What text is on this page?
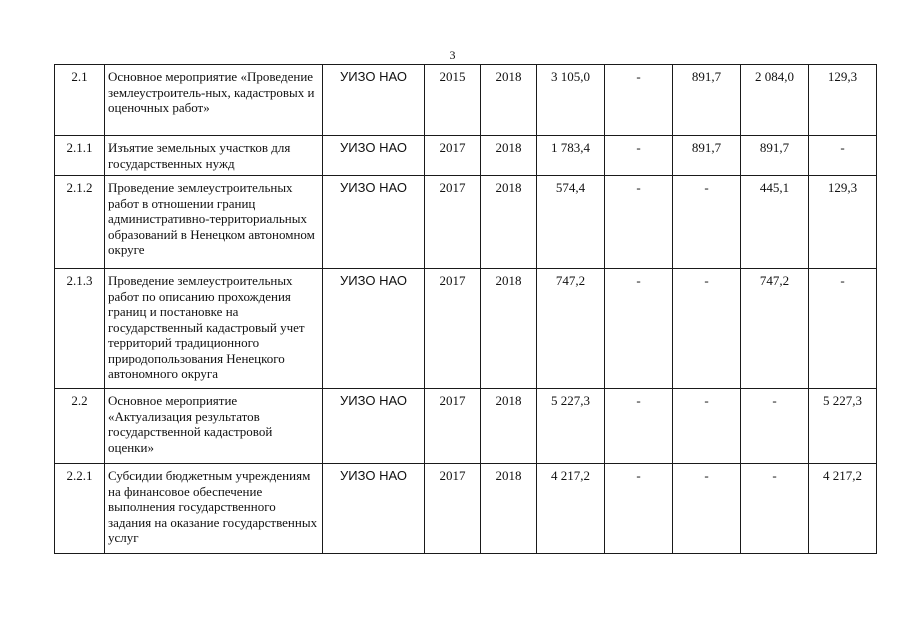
3
2.1	Основное мероприятие «Проведение землеустроитель-ных, кадастровых и оценочных работ»	УИЗО НАО	2015	2018	3 105,0	-	891,7	2 084,0	129,3
2.1.1	Изъятие земельных участков для государственных нужд	УИЗО НАО	2017	2018	1 783,4	-	891,7	891,7	-
2.1.2	Проведение землеустроительных работ в отношении границ административно-территориальных образований в Ненецком автономном округе	УИЗО НАО	2017	2018	574,4	-	-	445,1	129,3
2.1.3	Проведение землеустроительных работ по описанию прохождения границ и постановке на государственный кадастровый учет территорий традиционного природопользования Ненецкого автономного округа	УИЗО НАО	2017	2018	747,2	-	-	747,2	-
2.2	Основное мероприятие «Актуализация результатов государственной кадастровой оценки»	УИЗО НАО	2017	2018	5 227,3	-	-	-	5 227,3
2.2.1	Субсидии бюджетным учреждениям на финансовое обеспечение выполнения государственного задания на оказание государственных услуг	УИЗО НАО	2017	2018	4 217,2	-	-	-	4 217,2
